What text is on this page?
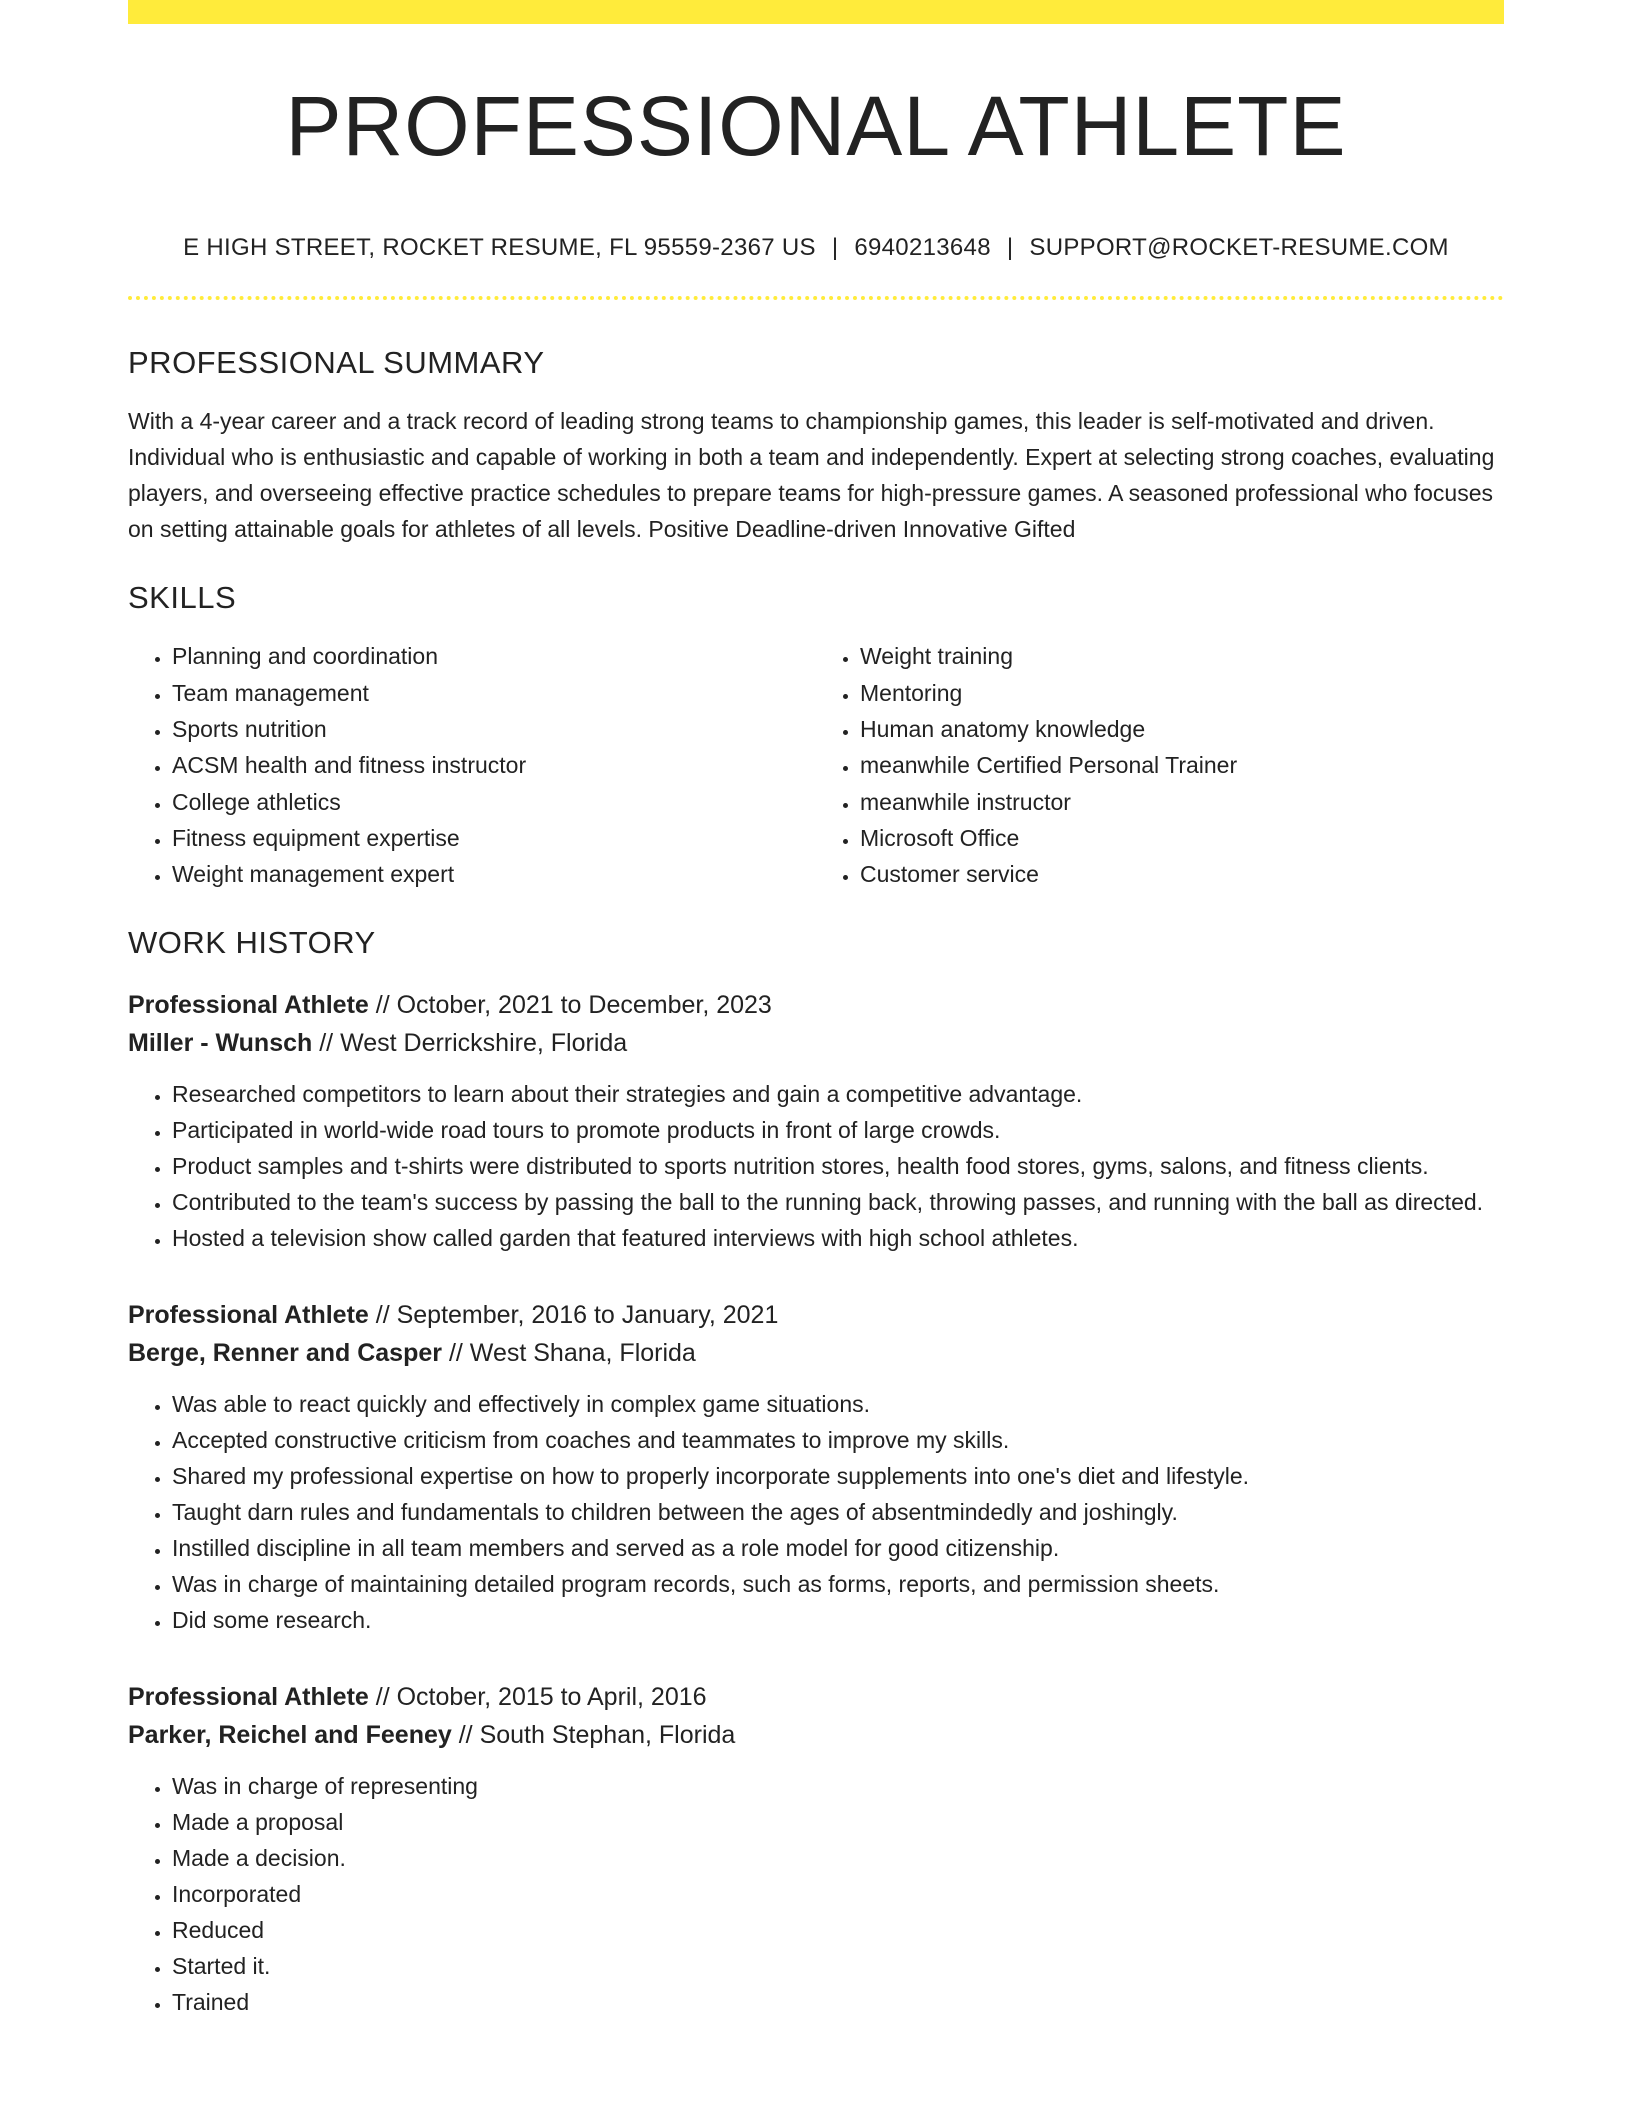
PROFESSIONAL ATHLETE
E HIGH STREET, ROCKET RESUME, FL 95559-2367 US | 6940213648 | SUPPORT@ROCKET-RESUME.COM
PROFESSIONAL SUMMARY

With a 4-year career and a track record of leading strong teams to championship games, this leader is self-motivated and driven. Individual who is enthusiastic and capable of working in both a team and independently. Expert at selecting strong coaches, evaluating players, and overseeing effective practice schedules to prepare teams for high-pressure games. A seasoned professional who focuses on setting attainable goals for athletes of all levels. Positive Deadline-driven Innovative Gifted

SKILLS
• Planning and coordination
• Team management
• Sports nutrition
• ACSM health and fitness instructor
• College athletics
• Fitness equipment expertise
• Weight management expert
• Weight training
• Mentoring
• Human anatomy knowledge
• meanwhile Certified Personal Trainer
• meanwhile instructor
• Microsoft Office
• Customer service
WORK HISTORY
Professional Athlete // October, 2021 to December, 2023
Miller - Wunsch // West Derrickshire, Florida
• Researched competitors to learn about their strategies and gain a competitive advantage.
• Participated in world-wide road tours to promote products in front of large crowds.
• Product samples and t-shirts were distributed to sports nutrition stores, health food stores, gyms, salons, and fitness clients.
• Contributed to the team's success by passing the ball to the running back, throwing passes, and running with the ball as directed.
• Hosted a television show called garden that featured interviews with high school athletes.
Professional Athlete // September, 2016 to January, 2021
Berge, Renner and Casper // West Shana, Florida
• Was able to react quickly and effectively in complex game situations.
• Accepted constructive criticism from coaches and teammates to improve my skills.
• Shared my professional expertise on how to properly incorporate supplements into one's diet and lifestyle.
• Taught darn rules and fundamentals to children between the ages of absentmindedly and joshingly.
• Instilled discipline in all team members and served as a role model for good citizenship.
• Was in charge of maintaining detailed program records, such as forms, reports, and permission sheets.
• Did some research.
Professional Athlete // October, 2015 to April, 2016
Parker, Reichel and Feeney // South Stephan, Florida
• Was in charge of representing
• Made a proposal
• Made a decision.
• Incorporated
• Reduced
• Started it.
• Trained
